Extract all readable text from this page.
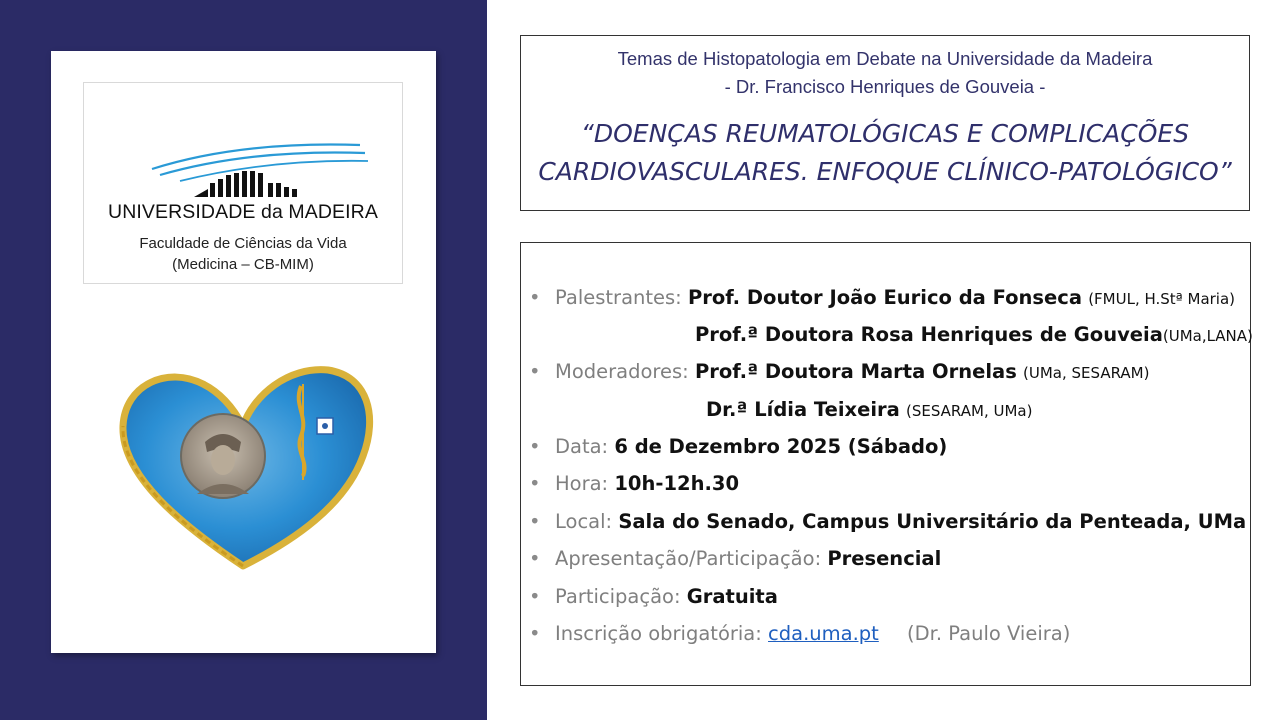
UNIVERSIDADE da MADEIRA
Faculdade de Ciências da Vida
(Medicina – CB-MIM)
Temas de Histopatologia em Debate na Universidade da Madeira
- Dr. Francisco Henriques de Gouveia -
“DOENÇAS REUMATOLÓGICAS E COMPLICAÇÕES
CARDIOVASCULARES. ENFOQUE CLÍNICO-PATOLÓGICO”
• Palestrantes: Prof. Doutor João Eurico da Fonseca (FMUL, H.Stª Maria)
Prof.ª Doutora Rosa Henriques de Gouveia(UMa,LANA)
• Moderadores: Prof.ª Doutora Marta Ornelas (UMa, SESARAM)
Dr.ª Lídia Teixeira (SESARAM, UMa)
• Data: 6 de Dezembro 2025 (Sábado)
• Hora: 10h-12h.30
• Local: Sala do Senado, Campus Universitário da Penteada, UMa
• Apresentação/Participação: Presencial
• Participação: Gratuita
• Inscrição obrigatória: cda.uma.pt (Dr. Paulo Vieira)
